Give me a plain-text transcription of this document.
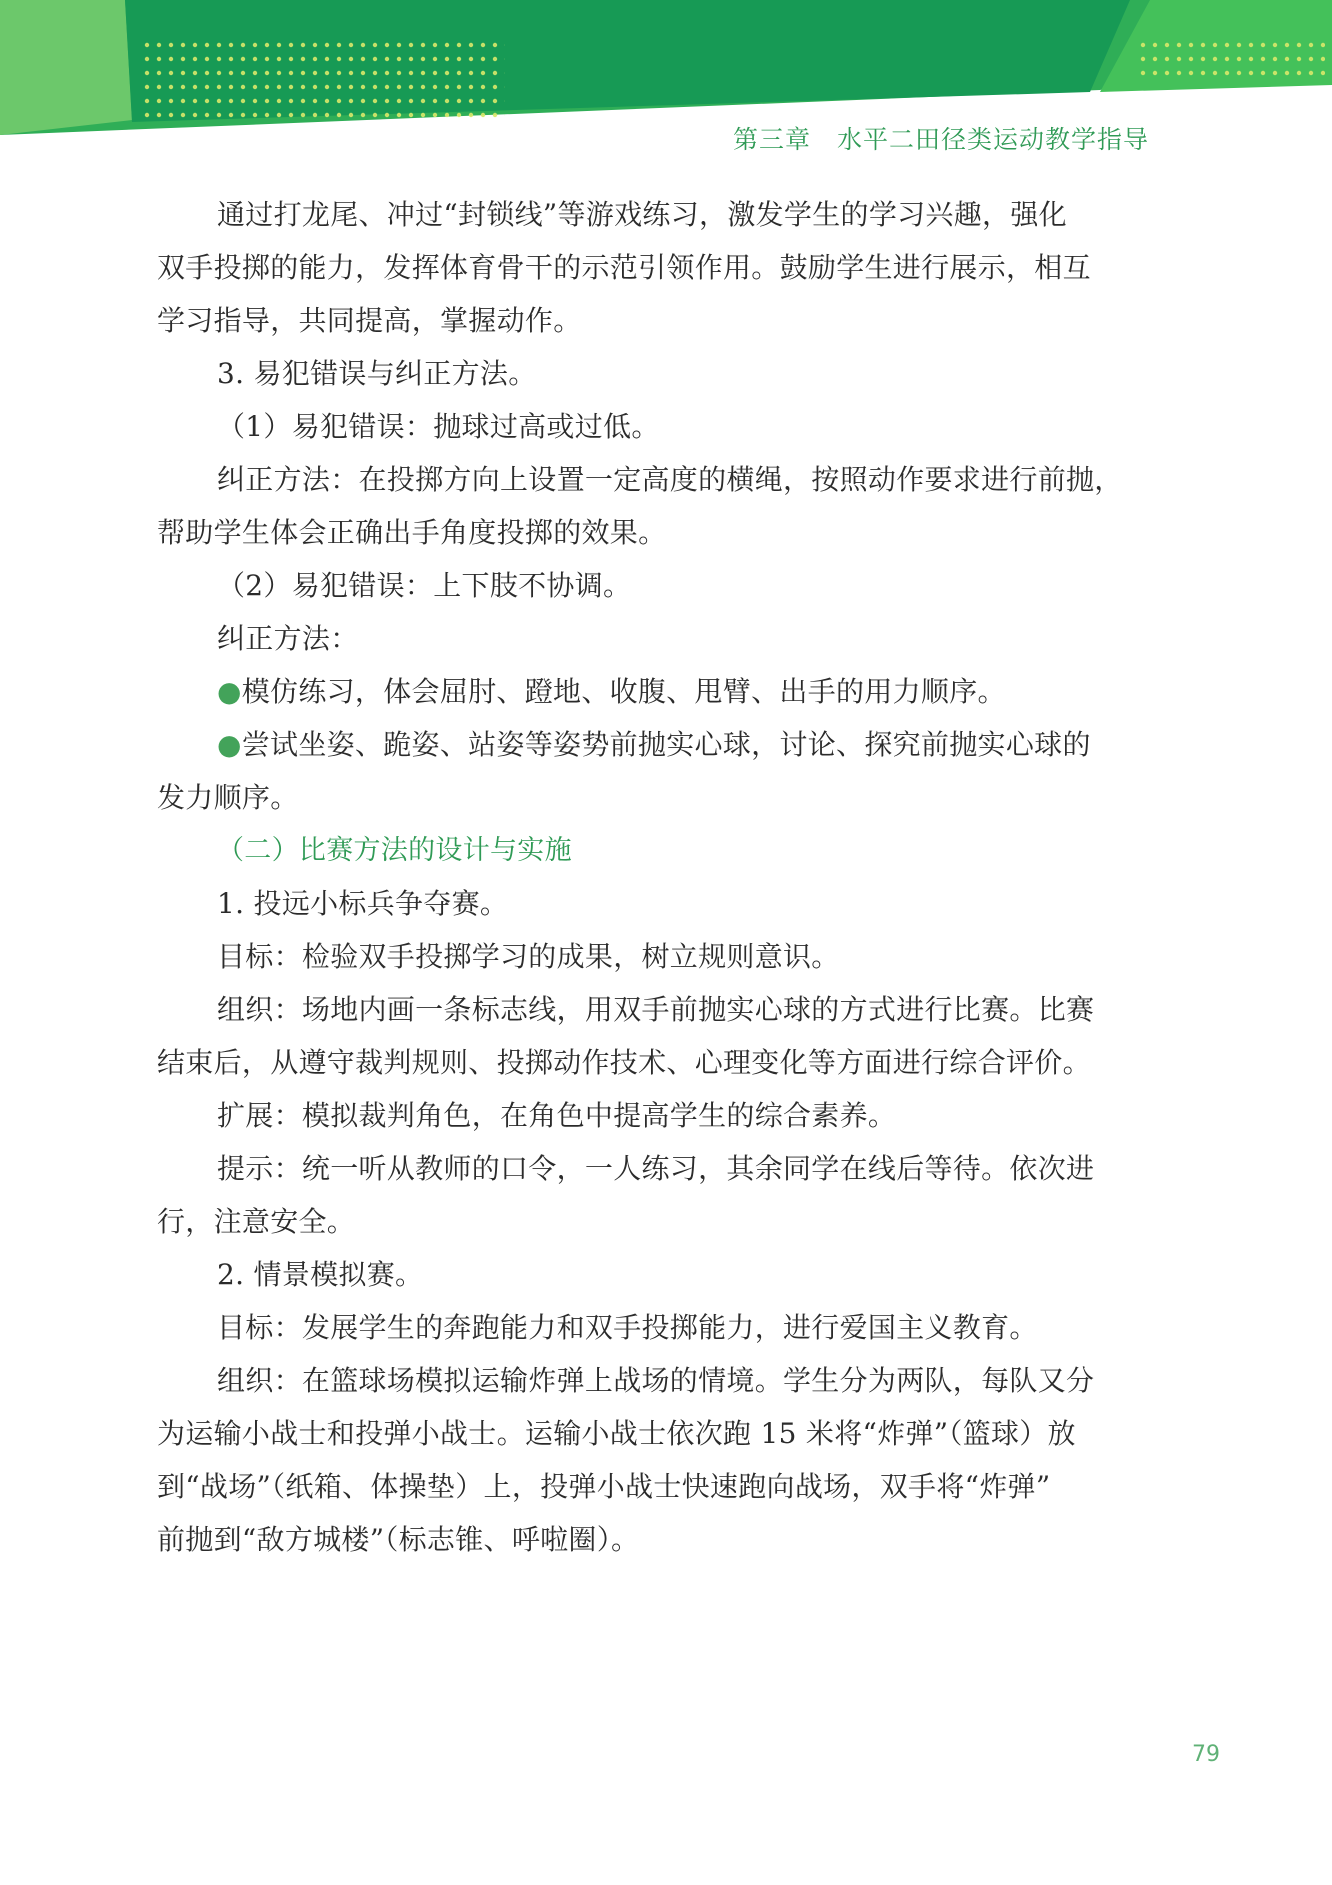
第三章 水平二田径类运动教学指导

通过打龙尾、冲过“封锁线”等游戏练习，激发学生的学习兴趣，强化

双手投掷的能力，发挥体育骨干的示范引领作用。鼓励学生进行展示，相互

学习指导，共同提高，掌握动作。

3. 易犯错误与纠正方法。

（1）易犯错误：抛球过高或过低。

纠正方法：在投掷方向上设置一定高度的横绳，按照动作要求进行前抛，

帮助学生体会正确出手角度投掷的效果。

（2）易犯错误：上下肢不协调。

纠正方法：

●模仿练习，体会屈肘、蹬地、收腹、甩臂、出手的用力顺序。

●尝试坐姿、跪姿、站姿等姿势前抛实心球，讨论、探究前抛实心球的

发力顺序。

（二）比赛方法的设计与实施

1. 投远小标兵争夺赛。

目标：检验双手投掷学习的成果，树立规则意识。

组织：场地内画一条标志线，用双手前抛实心球的方式进行比赛。比赛

结束后，从遵守裁判规则、投掷动作技术、心理变化等方面进行综合评价。

扩展：模拟裁判角色，在角色中提高学生的综合素养。

提示：统一听从教师的口令，一人练习，其余同学在线后等待。依次进

行，注意安全。

2. 情景模拟赛。

目标：发展学生的奔跑能力和双手投掷能力，进行爱国主义教育。

组织：在篮球场模拟运输炸弹上战场的情境。学生分为两队，每队又分

为运输小战士和投弹小战士。运输小战士依次跑 15 米将“炸弹”（篮球）放

到“战场”（纸箱、体操垫）上，投弹小战士快速跑向战场，双手将“炸弹”

前抛到“敌方城楼”（标志锥、呼啦圈）。

79
